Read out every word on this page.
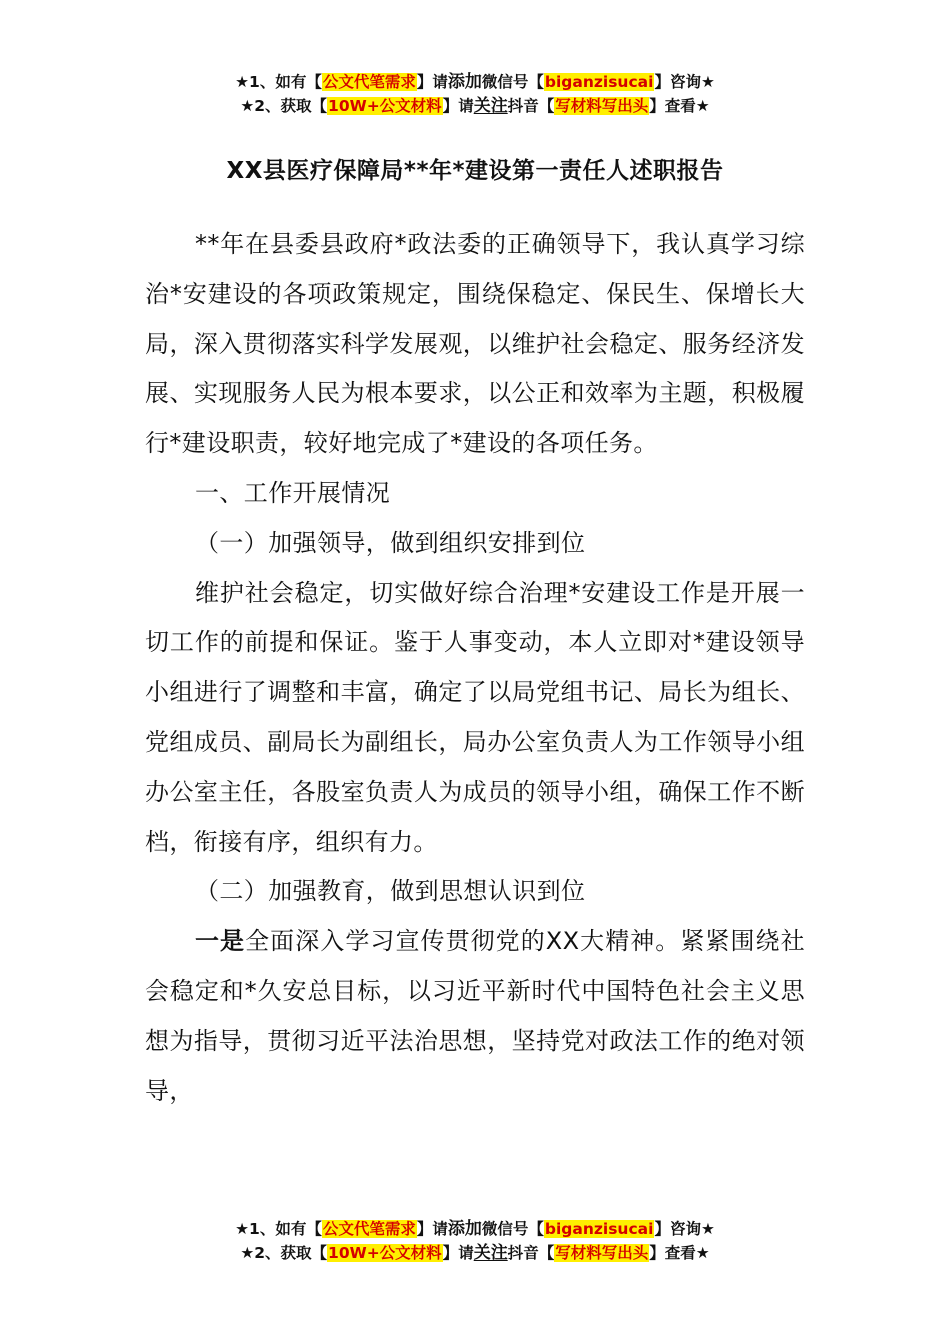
★1、如有【公文代笔需求】请添加微信号【biganzisucai】咨询★
★2、获取【10W+公文材料】请关注抖音【写材料写出头】查看★
XX县医疗保障局**年*建设第一责任人述职报告

**年在县委县政府*政法委的正确领导下，我认真学习综治*安建设的各项政策规定，围绕保稳定、保民生、保增长大局，深入贯彻落实科学发展观，以维护社会稳定、服务经济发展、实现服务人民为根本要求，以公正和效率为主题，积极履行*建设职责，较好地完成了*建设的各项任务。

一、工作开展情况

（一）加强领导，做到组织安排到位

维护社会稳定，切实做好综合治理*安建设工作是开展一切工作的前提和保证。鉴于人事变动，本人立即对*建设领导小组进行了调整和丰富，确定了以局党组书记、局长为组长、党组成员、副局长为副组长，局办公室负责人为工作领导小组办公室主任，各股室负责人为成员的领导小组，确保工作不断档，衔接有序，组织有力。

（二）加强教育，做到思想认识到位

一是全面深入学习宣传贯彻党的XX大精神。紧紧围绕社会稳定和*久安总目标，以习近平新时代中国特色社会主义思想为指导，贯彻习近平法治思想，坚持党对政法工作的绝对领导，

★1、如有【公文代笔需求】请添加微信号【biganzisucai】咨询★
★2、获取【10W+公文材料】请关注抖音【写材料写出头】查看★
